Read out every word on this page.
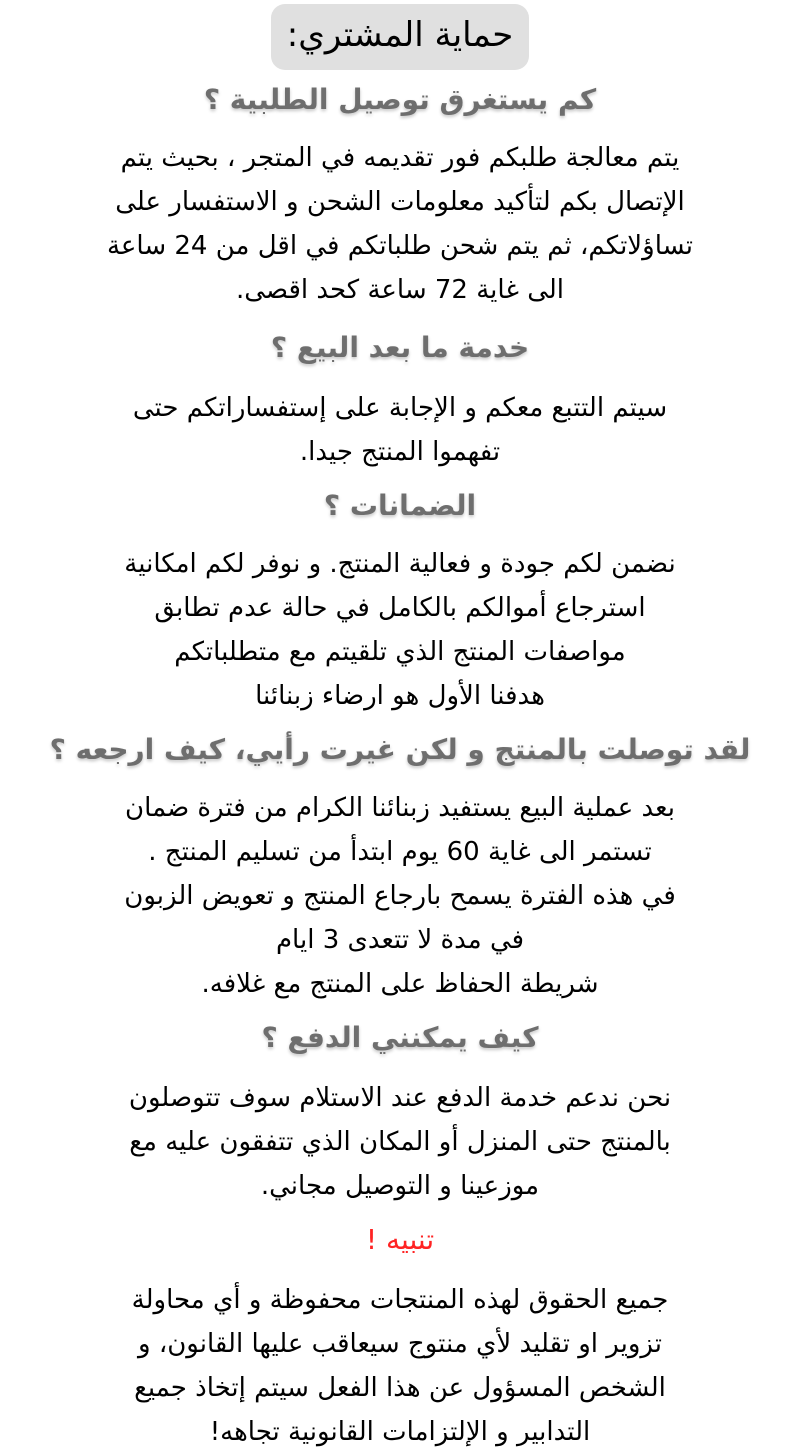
حماية المشتري:
كم يستغرق توصيل الطلبية ؟

يتم معالجة طلبكم فور تقديمه في المتجر ، بحيث يتم
الإتصال بكم لتأكيد معلومات الشحن و الاستفسار على
تساؤلاتكم، ثم يتم شحن طلباتكم في اقل من 24 ساعة
الى غاية 72 ساعة كحد اقصى.

خدمة ما بعد البيع ؟

سيتم التتبع معكم و الإجابة على إستفساراتكم حتى
تفهموا المنتج جيدا.

الضمانات ؟

نضمن لكم جودة و فعالية المنتج. و نوفر لكم امكانية
استرجاع أموالكم بالكامل في حالة عدم تطابق
مواصفات المنتج الذي تلقيتم مع متطلباتكم
هدفنا الأول هو ارضاء زبنائنا

لقد توصلت بالمنتج و لكن غيرت رأيي، كيف ارجعه ؟

بعد عملية البيع يستفيد زبنائنا الكرام من فترة ضمان
تستمر الى غاية 60 يوم ابتدأ من تسليم المنتج .
في هذه الفترة يسمح بارجاع المنتج و تعويض الزبون
في مدة لا تتعدى 3 ايام
شريطة الحفاظ على المنتج مع غلافه.

كيف يمكنني الدفع ؟

نحن ندعم خدمة الدفع عند الاستلام سوف تتوصلون
بالمنتج حتى المنزل أو المكان الذي تتفقون عليه مع
موزعينا و التوصيل مجاني.

تنبيه !

جميع الحقوق لهذه المنتجات محفوظة و أي محاولة
تزوير او تقليد لأي منتوج سيعاقب عليها القانون، و
الشخص المسؤول عن هذا الفعل سيتم إتخاذ جميع
التدابير و الإلتزامات القانونية تجاهه!
